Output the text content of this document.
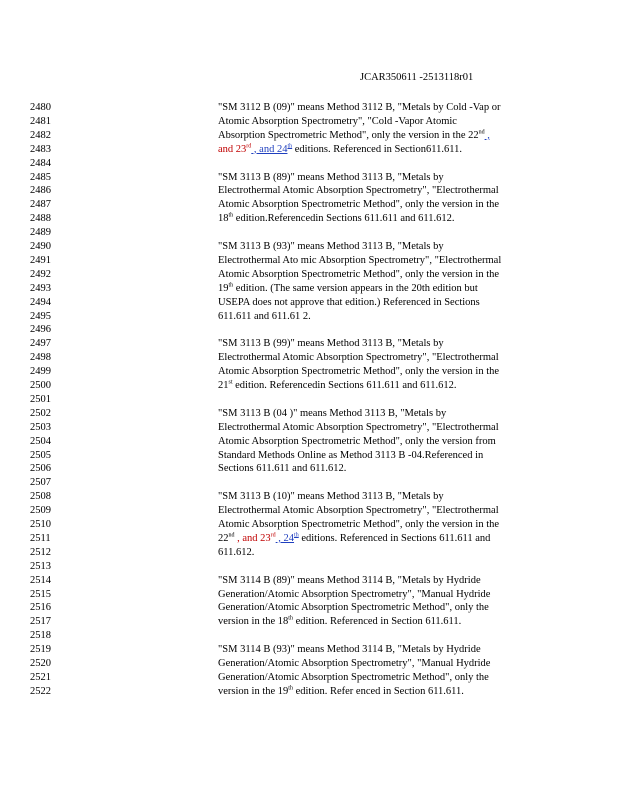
JCAR350611 -2513118r01
2480	"SM 3112 B (09)" means Method 3112 B, "Metals by Cold -Vap or
2481	Atomic Absorption Spectrometry", "Cold -Vapor Atomic
2482	Absorption Spectrometric Method", only the version in the 22nd ,
2483	and 23rd , and 24th editions. Referenced in Section611.611.
2484
2485	"SM 3113 B (89)" means Method 3113 B, "Metals by
2486	Electrothermal Atomic Absorption Spectrometry", "Electrothermal
2487	Atomic Absorption Spectrometric Method", only the version in the
2488	18th edition.Referencedin Sections 611.611 and 611.612.
2489
2490	"SM 3113 B (93)" means Method 3113 B, "Metals by
2491	Electrothermal Ato mic Absorption Spectrometry", "Electrothermal
2492	Atomic Absorption Spectrometric Method", only the version in the
2493	19th edition. (The same version appears in the 20th edition but
2494	USEPA does not approve that edition.) Referenced in Sections
2495	611.611 and 611.61 2.
2496
2497	"SM 3113 B (99)" means Method 3113 B, "Metals by
2498	Electrothermal Atomic Absorption Spectrometry", "Electrothermal
2499	Atomic Absorption Spectrometric Method", only the version in the
2500	21st edition. Referencedin Sections 611.611 and 611.612.
2501
2502	"SM 3113 B (04 )" means Method 3113 B, "Metals by
2503	Electrothermal Atomic Absorption Spectrometry", "Electrothermal
2504	Atomic Absorption Spectrometric Method", only the version from
2505	Standard Methods Online as Method 3113 B -04.Referenced in
2506	Sections 611.611 and 611.612.
2507
2508	"SM 3113 B (10)" means Method 3113 B, "Metals by
2509	Electrothermal Atomic Absorption Spectrometry", "Electrothermal
2510	Atomic Absorption Spectrometric Method", only the version in the
2511	22nd , and 23rd , 24th editions. Referenced in Sections 611.611 and
2512	611.612.
2513
2514	"SM 3114 B (89)" means Method 3114 B, "Metals by Hydride
2515	Generation/Atomic Absorption Spectrometry", "Manual Hydride
2516	Generation/Atomic Absorption Spectrometric Method", only the
2517	version in the 18th edition. Referenced in Section 611.611.
2518
2519	"SM 3114 B (93)" means Method 3114 B, "Metals by Hydride
2520	Generation/Atomic Absorption Spectrometry", "Manual Hydride
2521	Generation/Atomic Absorption Spectrometric Method", only the
2522	version in the 19th edition. Refer enced in Section 611.611.
